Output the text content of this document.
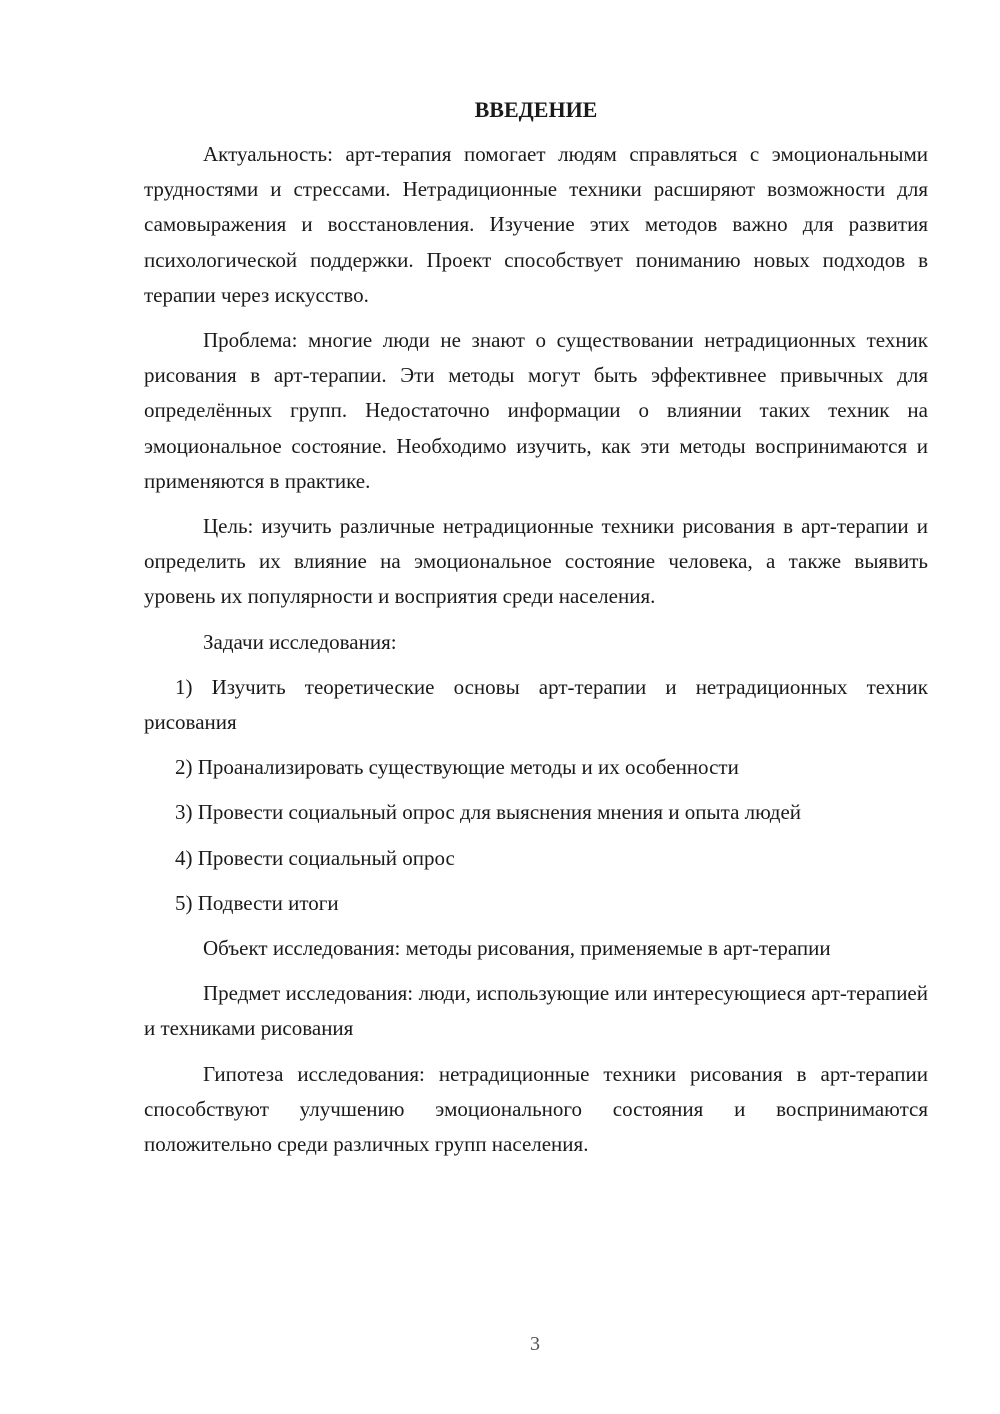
ВВЕДЕНИЕ

Актуальность: арт-терапия помогает людям справляться с эмоциональными трудностями и стрессами. Нетрадиционные техники расширяют возможности для самовыражения и восстановления. Изучение этих методов важно для развития психологической поддержки. Проект способствует пониманию новых подходов в терапии через искусство.

Проблема: многие люди не знают о существовании нетрадиционных техник рисования в арт-терапии. Эти методы могут быть эффективнее привычных для определённых групп. Недостаточно информации о влиянии таких техник на эмоциональное состояние. Необходимо изучить, как эти методы воспринимаются и применяются в практике.

Цель: изучить различные нетрадиционные техники рисования в арт-терапии и определить их влияние на эмоциональное состояние человека, а также выявить уровень их популярности и восприятия среди населения.

Задачи исследования:

1) Изучить теоретические основы арт-терапии и нетрадиционных техник рисования

2) Проанализировать существующие методы и их особенности

3) Провести социальный опрос для выяснения мнения и опыта людей

4) Провести социальный опрос

5) Подвести итоги

Объект исследования: методы рисования, применяемые в арт-терапии

Предмет исследования: люди, использующие или интересующиеся арт-терапией и техниками рисования

Гипотеза исследования: нетрадиционные техники рисования в арт-терапии способствуют улучшению эмоционального состояния и воспринимаются положительно среди различных групп населения.

3
